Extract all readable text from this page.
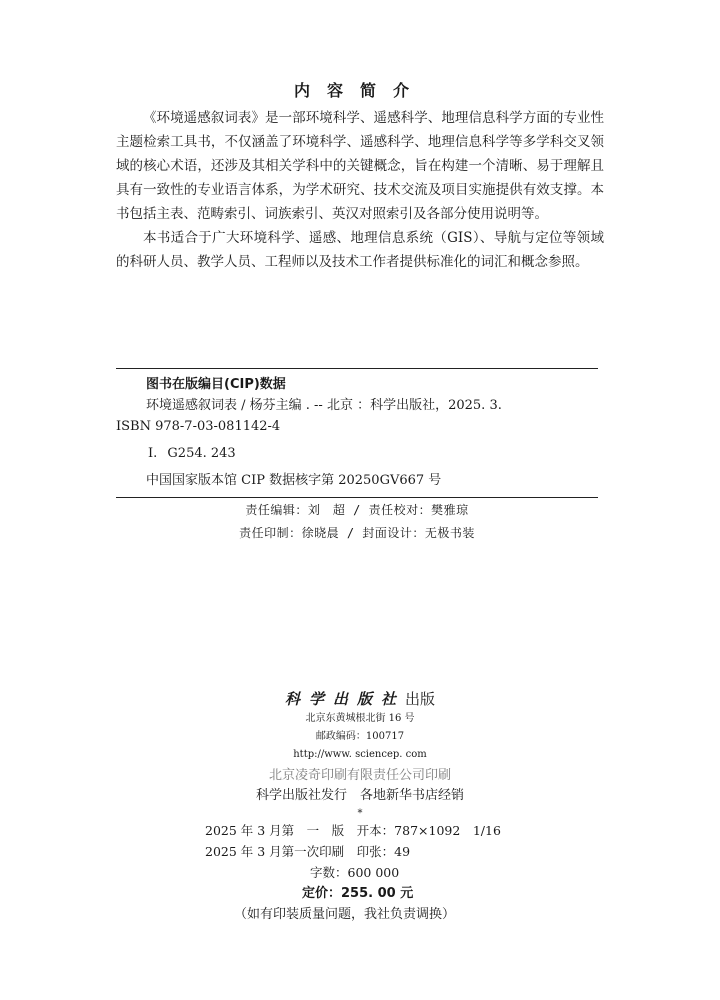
内容简介

《环境遥感叙词表》是一部环境科学、遥感科学、地理信息科学方面的专业性主题检索工具书，不仅涵盖了环境科学、遥感科学、地理信息科学等多学科交叉领域的核心术语，还涉及其相关学科中的关键概念，旨在构建一个清晰、易于理解且具有一致性的专业语言体系，为学术研究、技术交流及项目实施提供有效支撑。本书包括主表、范畴索引、词族索引、英汉对照索引及各部分使用说明等。

本书适合于广大环境科学、遥感、地理信息系统（GIS）、导航与定位等领域的科研人员、教学人员、工程师以及技术工作者提供标准化的词汇和概念参照。

图书在版编目(CIP)数据
环境遥感叙词表 / 杨芬主编 . -- 北京 ：科学出版社，2025. 3.
ISBN 978-7-03-081142-4
Ⅰ. G254. 243
中国国家版本馆 CIP 数据核字第 20250GV667 号
责任编辑：刘　超 / 责任校对：樊雅琼
责任印制：徐晓晨 / 封面设计：无极书装
科学出版社出版
北京东黄城根北街 16 号
邮政编码：100717
http://www. sciencep. com
北京凌奇印刷有限责任公司印刷
科学出版社发行　各地新华书店经销
*
2025 年 3 月第　一　版　开本：787×1092　1/16
2025 年 3 月第一次印刷　印张：49
字数：600 000
定价：255. 00 元
（如有印装质量问题，我社负责调换）
